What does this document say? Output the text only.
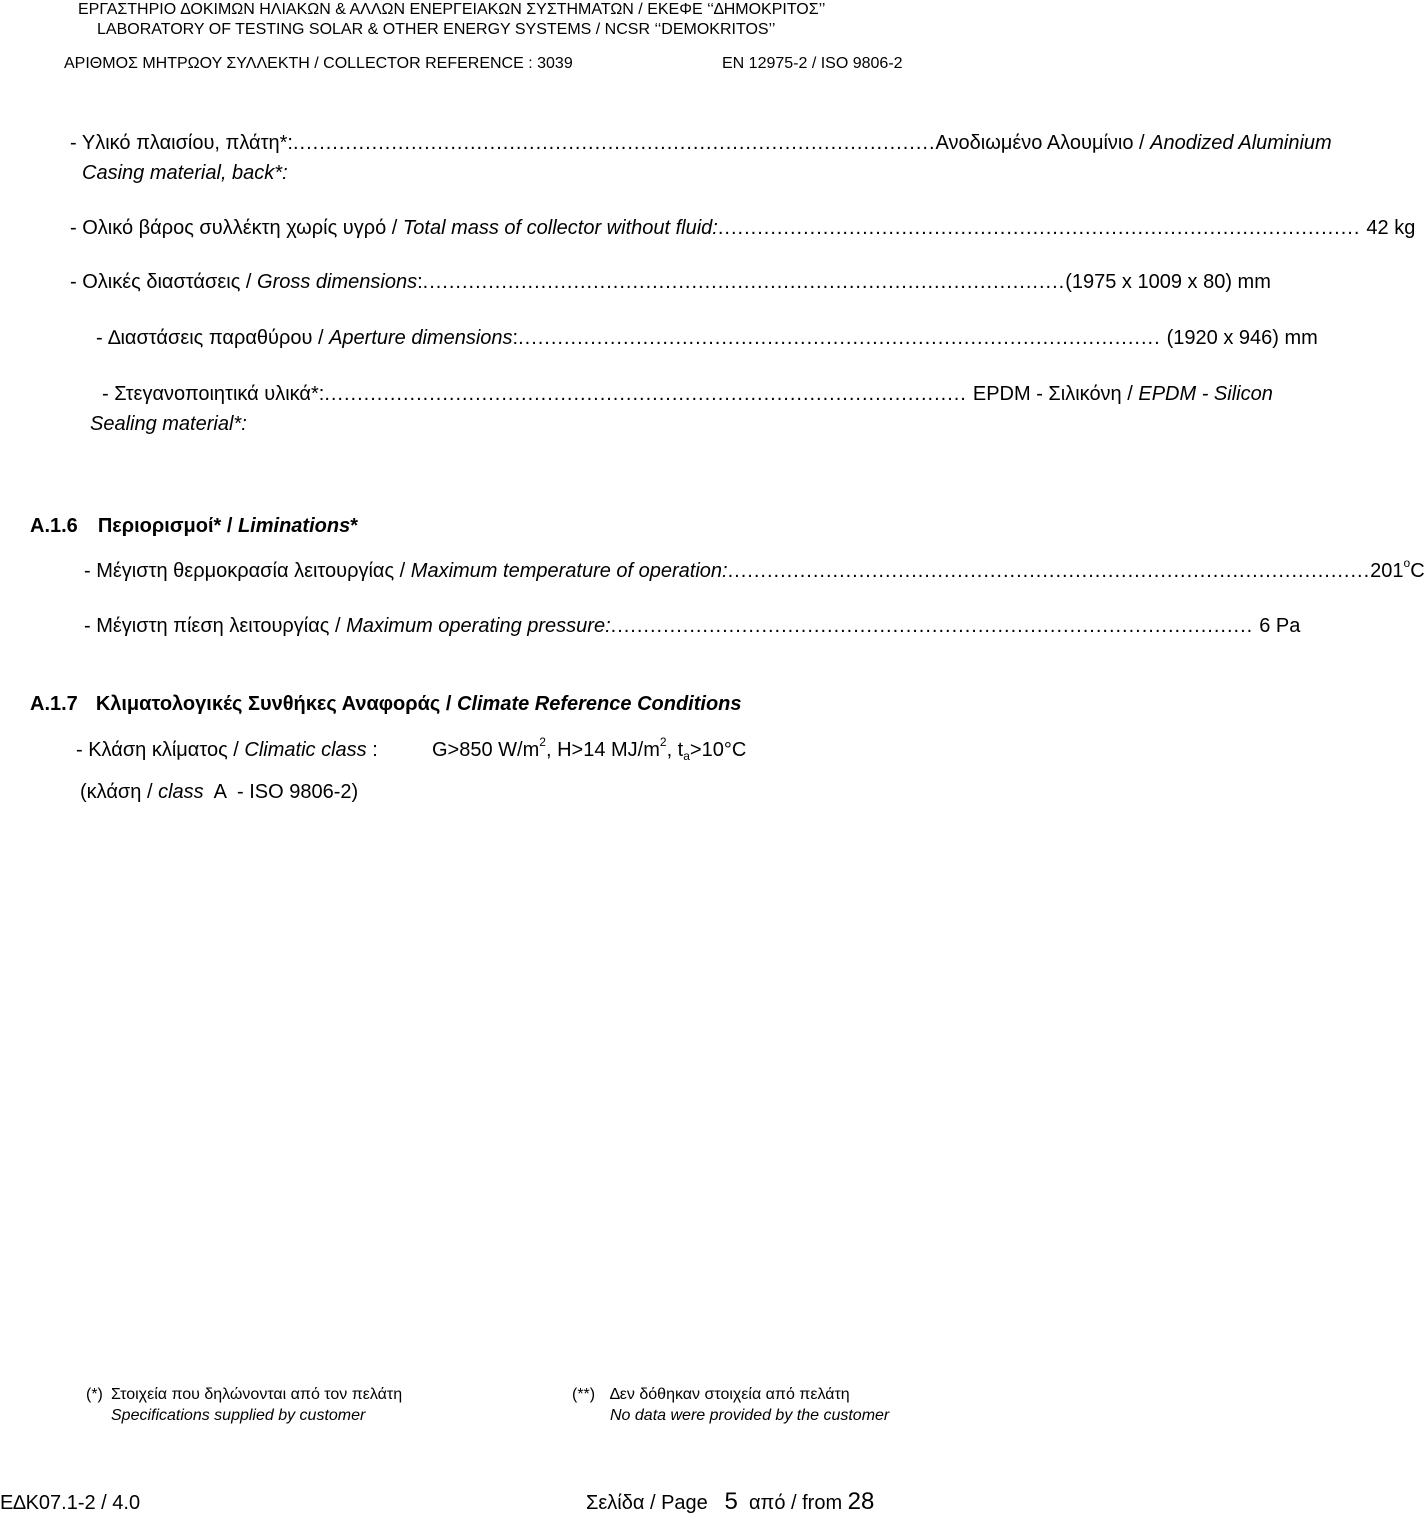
ΕΡΓΑΣΤΗΡΙΟ ∆ΟΚΙΜΩΝ ΗΛΙΑΚΩΝ & ΑΛΛΩΝ ΕΝΕΡΓΕΙΑΚΩΝ ΣΥΣΤΗΜΑΤΩΝ / ΕΚΕΦΕ ‘‘∆ΗΜΟΚΡΙΤΟΣ’’
LABORATORY OF TESTING SOLAR & OTHER ENERGY SYSTEMS / NCSR ‘‘DEMOKRITOS’’
ΑΡΙΘΜΟΣ ΜΗΤΡΩΟΥ ΣΥΛΛΕΚΤΗ / COLLECTOR REFERENCE : 3039	EN 12975-2 / ISO 9806-2
- Υλικό πλαισίου, πλάτη*: .................................................................................................. Ανοδιωμένο Αλουμίνιο / Anodized Aluminium
Casing material, back*:
- Ολικό βάρος συλλέκτη χωρίς υγρό / Total mass of collector without fluid: .................................................................................................. 42 kg
- Ολικές διαστάσεις / Gross dimensions: .................................................................................................. (1975 x 1009 x 80) mm
- ∆ιαστάσεις παραθύρου / Aperture dimensions: .................................................................................................. (1920 x 946) mm
- Στεγανοποιητικά υλικά*: .................................................................................................. EPDM - Σιλικόνη / EPDM - Silicon
Sealing material*:
A.1.6 Περιορισμοί* / Liminations*
- Μέγιστη θερμοκρασία λειτουργίας / Maximum temperature of operation: .................................................................................................. 201$^o$C
- Μέγιστη πίεση λειτουργίας / Maximum operating pressure: .................................................................................................. 6 Pa
A.1.7 Κλιματολογικές Συνθήκες Αναφοράς / Climate Reference Conditions
- Κλάση κλίματος / Climatic class :	G>850 $W/m^2$, H>14 $MJ/m^2$, $t_a>10^\circ C$
(κλάση / class  A  - ISO 9806-2)
(*) Στοιχεία που δηλώνονται από τον πελάτη
Specifications supplied by customer
(**) ∆εν δόθηκαν στοιχεία από πελάτη
No data were provided by the customer
Ε∆Κ07.1-2 / 4.0	Σελίδα / Page 5 από / from 28
